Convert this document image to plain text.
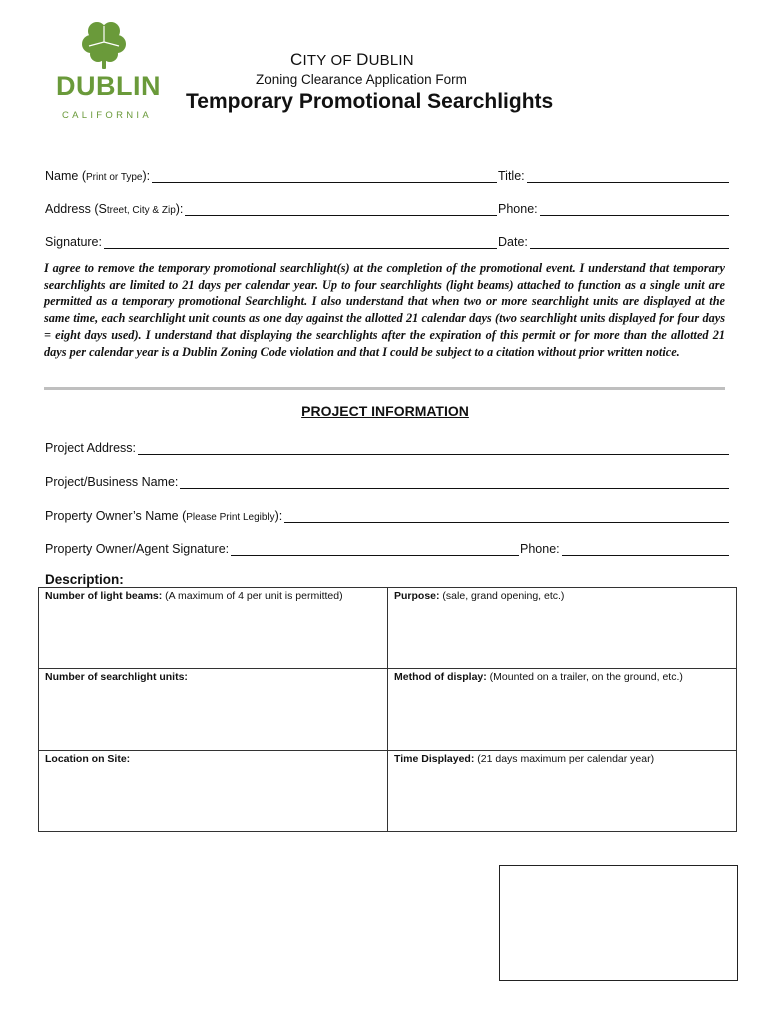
DUBLIN
CALIFORNIA
CITY OF DUBLIN
Zoning Clearance Application Form
Temporary Promotional Searchlights
Name (Print or Type):	Title:
Address (Street, City & Zip):	Phone:
Signature:	Date:
I agree to remove the temporary promotional searchlight(s) at the completion of the promotional event. I understand that temporary searchlights are limited to 21 days per calendar year. Up to four searchlights (light beams) attached to function as a single unit are permitted as a temporary promotional Searchlight. I also understand that when two or more searchlight units are displayed at the same time, each searchlight unit counts as one day against the allotted 21 calendar days (two searchlight units displayed for four days = eight days used). I understand that displaying the searchlights after the expiration of this permit or for more than the allotted 21 days per calendar year is a Dublin Zoning Code violation and that I could be subject to a citation without prior written notice.
PROJECT INFORMATION
Project Address:
Project/Business Name:
Property Owner’s Name (Please Print Legibly):
Property Owner/Agent Signature:	Phone:
Description:
Number of light beams: (A maximum of 4 per unit is permitted)	Purpose: (sale, grand opening, etc.)
Number of searchlight units:	Method of display: (Mounted on a trailer, on the ground, etc.)
Location on Site:	Time Displayed: (21 days maximum per calendar year)
